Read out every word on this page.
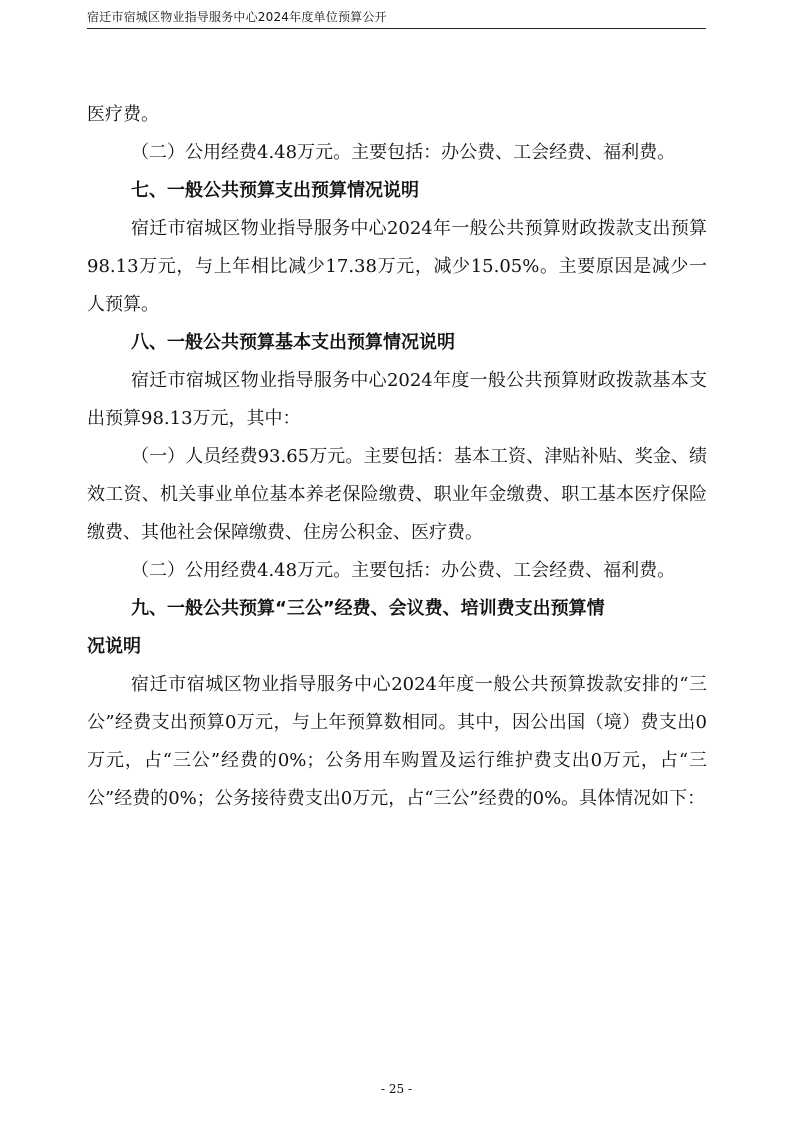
宿迁市宿城区物业指导服务中心2024年度单位预算公开

医疗费。

（二）公用经费4.48万元。主要包括：办公费、工会经费、福利费。

七、一般公共预算支出预算情况说明

宿迁市宿城区物业指导服务中心2024年一般公共预算财政拨款支出预算98.13万元，与上年相比减少17.38万元，减少15.05%。主要原因是减少一人预算。

八、一般公共预算基本支出预算情况说明

宿迁市宿城区物业指导服务中心2024年度一般公共预算财政拨款基本支出预算98.13万元，其中：

（一）人员经费93.65万元。主要包括：基本工资、津贴补贴、奖金、绩效工资、机关事业单位基本养老保险缴费、职业年金缴费、职工基本医疗保险缴费、其他社会保障缴费、住房公积金、医疗费。

（二）公用经费4.48万元。主要包括：办公费、工会经费、福利费。

九、一般公共预算“三公”经费、会议费、培训费支出预算情
况说明

宿迁市宿城区物业指导服务中心2024年度一般公共预算拨款安排的“三公”经费支出预算0万元，与上年预算数相同。其中，因公出国（境）费支出0万元，占“三公”经费的0%；公务用车购置及运行维护费支出0万元，占“三公”经费的0%；公务接待费支出0万元，占“三公”经费的0%。具体情况如下：

- 25 -
